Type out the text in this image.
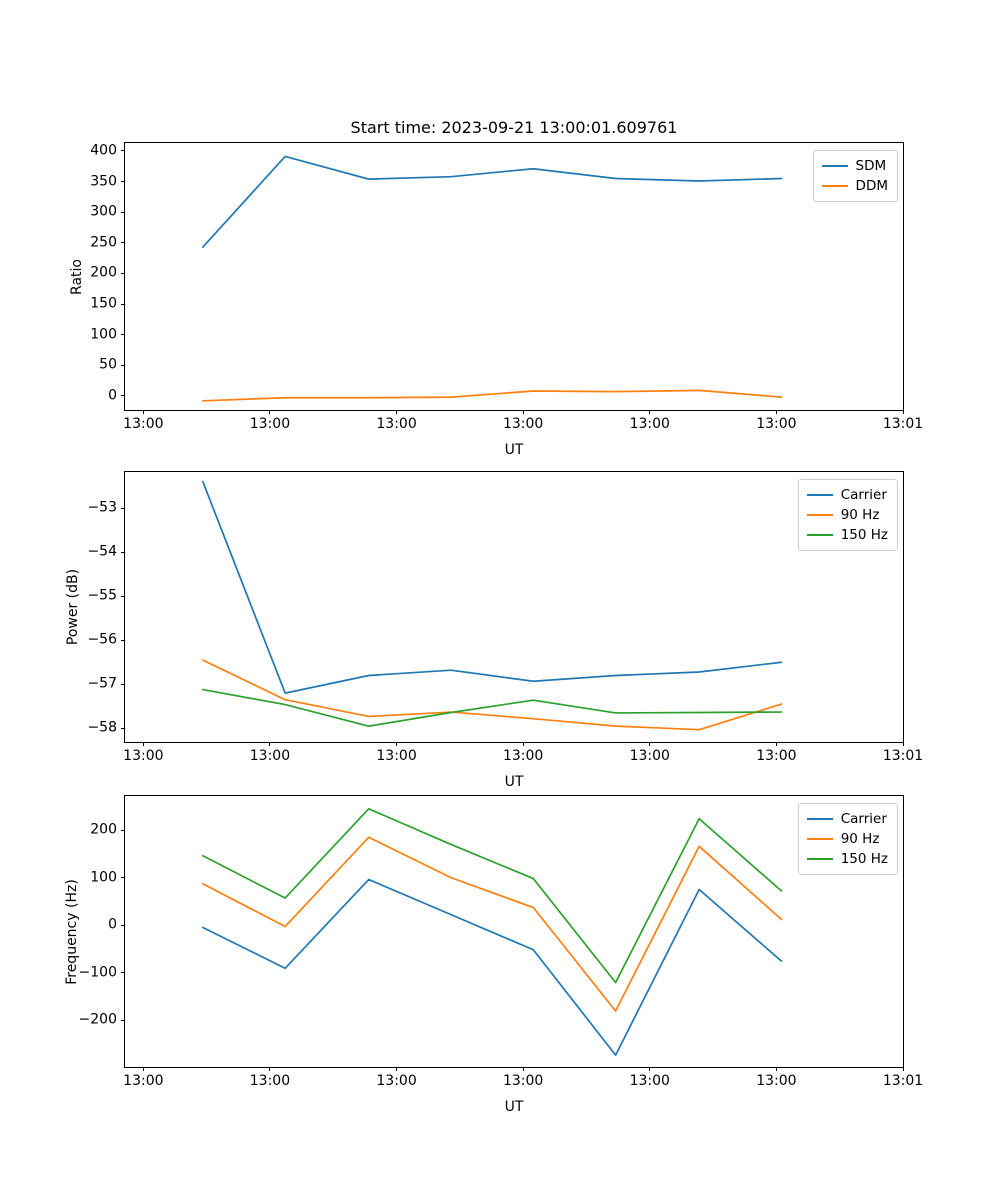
Start time: 2023-09-21 13:00:01.609761
Ratio
UT
SDM
DDM
13:00	13:00	13:00	13:00	13:00	13:00	13:01
0
50
100
150
200
250
300
350
400
Power (dB)
UT
Carrier
90 Hz
150 Hz
13:00	13:00	13:00	13:00	13:00	13:00	13:01
−58
−57
−56
−55
−54
−53
Frequency (Hz)
UT
Carrier
90 Hz
150 Hz
13:00	13:00	13:00	13:00	13:00	13:00	13:01
−200
−100
0
100
200
